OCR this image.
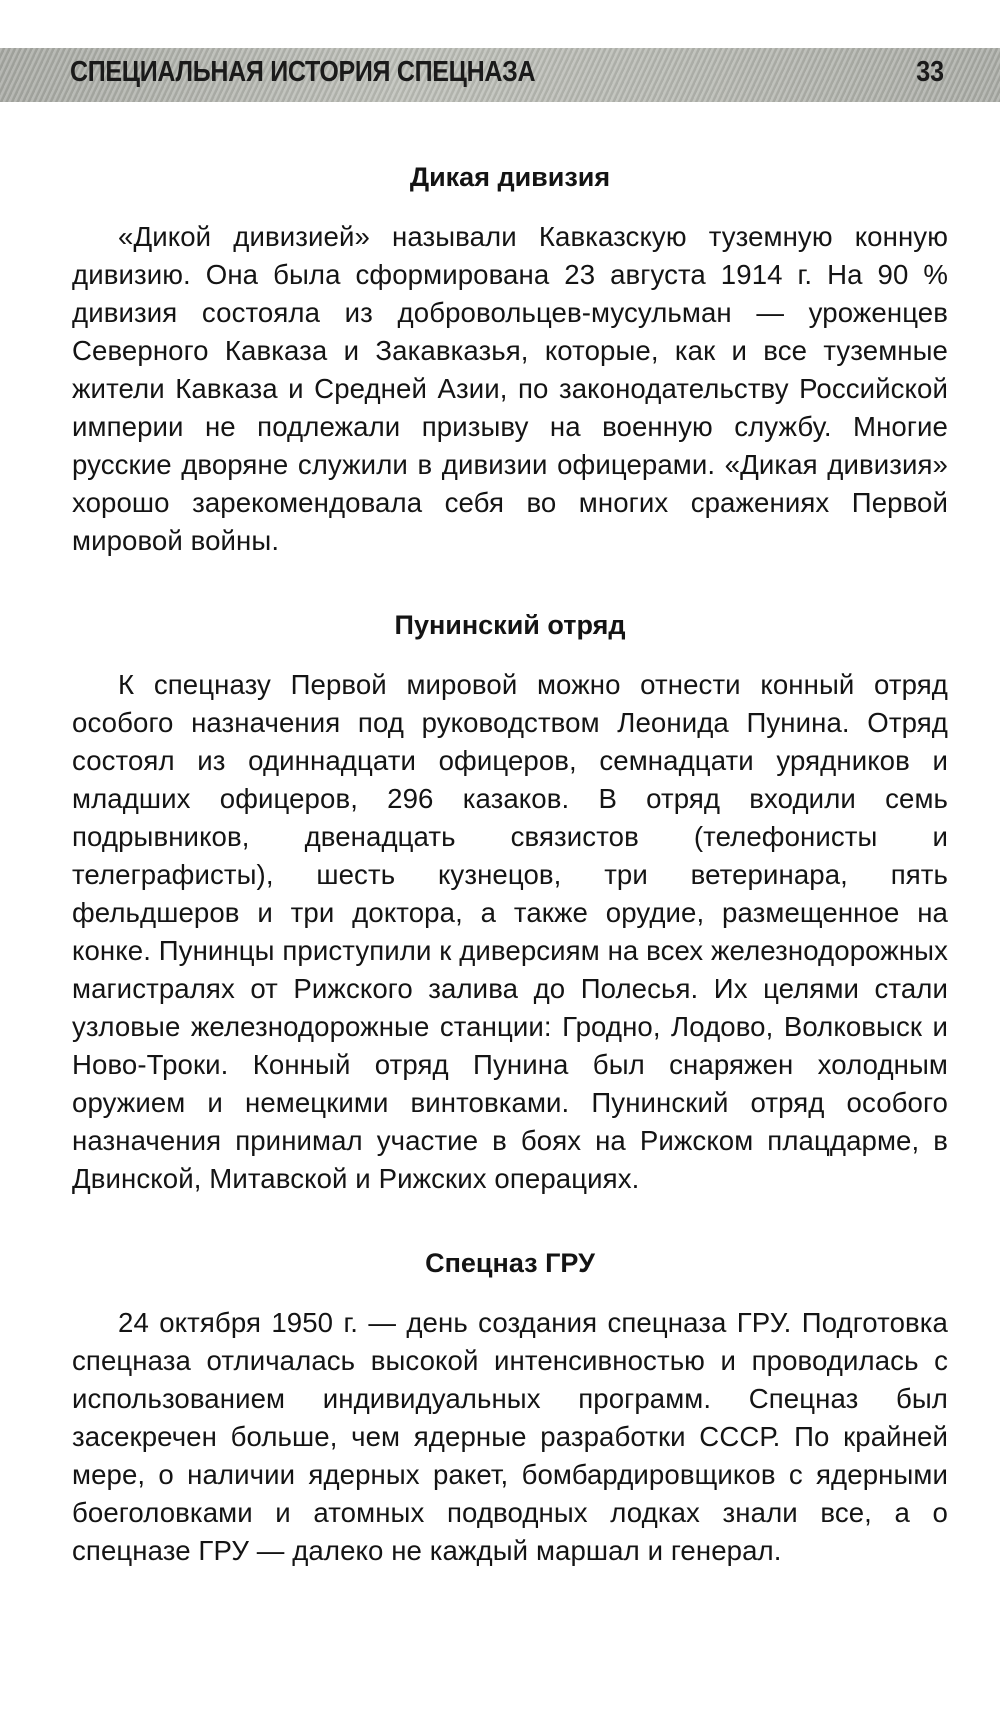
СПЕЦИАЛЬНАЯ ИСТОРИЯ СПЕЦНАЗА	33
Дикая дивизия

«Дикой дивизией» называли Кавказскую туземную конную дивизию. Она была сформирована 23 августа 1914 г. На 90 % дивизия состояла из добровольцев-мусульман — уроженцев Северного Кавказа и Закавказья, которые, как и все туземные жители Кавказа и Средней Азии, по законодательству Российской империи не подлежали призыву на военную службу. Многие русские дворяне служили в дивизии офицерами. «Дикая дивизия» хорошо зарекомендовала себя во многих сражениях Первой мировой войны.

Пунинский отряд

К спецназу Первой мировой можно отнести конный отряд особого назначения под руководством Леонида Пунина. Отряд состоял из одиннадцати офицеров, семнадцати урядников и младших офицеров, 296 казаков. В отряд входили семь подрывников, двенадцать связистов (телефонисты и телеграфисты), шесть кузнецов, три ветеринара, пять фельдшеров и три доктора, а также орудие, размещенное на конке. Пунинцы приступили к диверсиям на всех железнодорожных магистралях от Рижского залива до Полесья. Их целями стали узловые железнодорожные станции: Гродно, Лодово, Волковыск и Ново-Троки. Конный отряд Пунина был снаряжен холодным оружием и немецкими винтовками. Пунинский отряд особого назначения принимал участие в боях на Рижском плацдарме, в Двинской, Митавской и Рижских операциях.

Спецназ ГРУ

24 октября 1950 г. — день создания спецназа ГРУ. Подготовка спецназа отличалась высокой интенсивностью и проводилась с использованием индивидуальных программ. Спецназ был засекречен больше, чем ядерные разработки СССР. По крайней мере, о наличии ядерных ракет, бомбардировщиков с ядерными боеголовками и атомных подводных лодках знали все, а о спецназе ГРУ — далеко не каждый маршал и генерал.
